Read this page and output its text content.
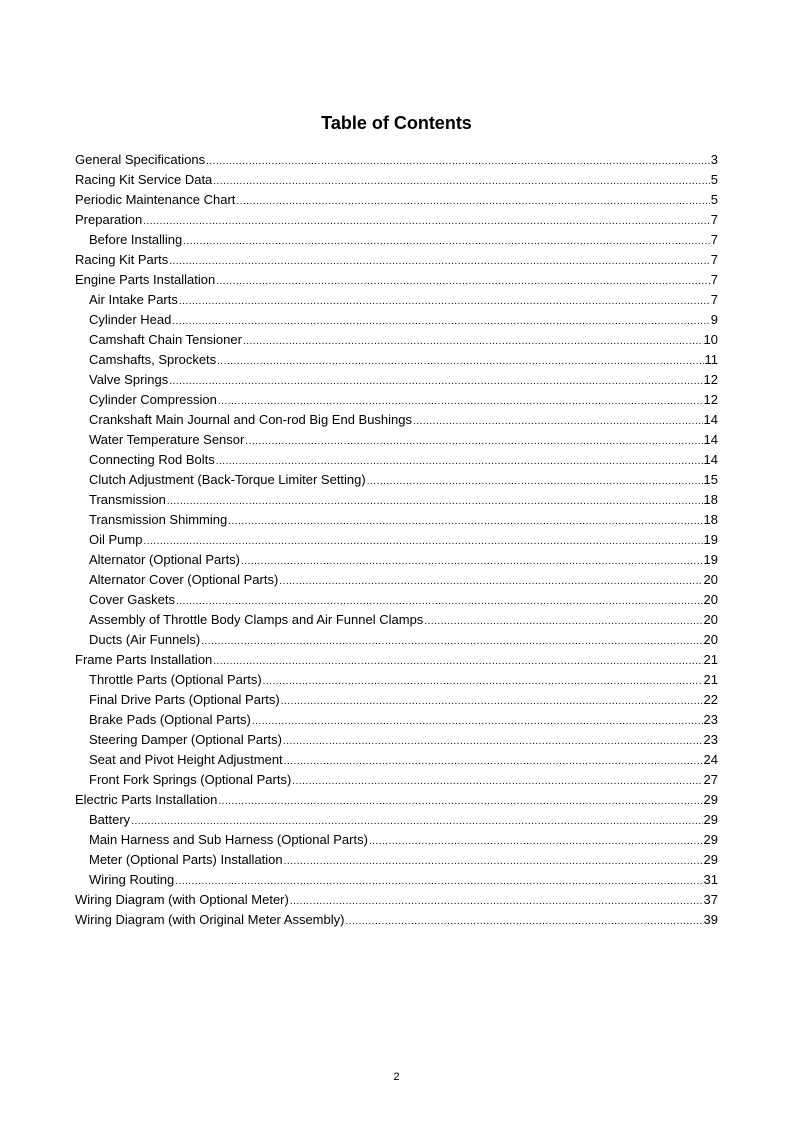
Table of Contents
General Specifications .....	3
Racing Kit Service Data .....	5
Periodic Maintenance Chart .....	5
Preparation .....	7
Before Installing .....	7
Racing Kit Parts .....	7
Engine Parts Installation .....	7
Air Intake Parts .....	7
Cylinder Head .....	9
Camshaft Chain Tensioner .....	10
Camshafts, Sprockets .....	11
Valve Springs .....	12
Cylinder Compression .....	12
Crankshaft Main Journal and Con-rod Big End Bushings .....	14
Water Temperature Sensor .....	14
Connecting Rod Bolts .....	14
Clutch Adjustment (Back-Torque Limiter Setting) .....	15
Transmission .....	18
Transmission Shimming .....	18
Oil Pump .....	19
Alternator (Optional Parts) .....	19
Alternator Cover (Optional Parts) .....	20
Cover Gaskets .....	20
Assembly of Throttle Body Clamps and Air Funnel Clamps .....	20
Ducts (Air Funnels) .....	20
Frame Parts Installation .....	21
Throttle Parts (Optional Parts) .....	21
Final Drive Parts (Optional Parts) .....	22
Brake Pads (Optional Parts) .....	23
Steering Damper (Optional Parts) .....	23
Seat and Pivot Height Adjustment .....	24
Front Fork Springs (Optional Parts) .....	27
Electric Parts Installation .....	29
Battery .....	29
Main Harness and Sub Harness (Optional Parts) .....	29
Meter (Optional Parts) Installation .....	29
Wiring Routing .....	31
Wiring Diagram (with Optional Meter) .....	37
Wiring Diagram (with Original Meter Assembly) .....	39
2
